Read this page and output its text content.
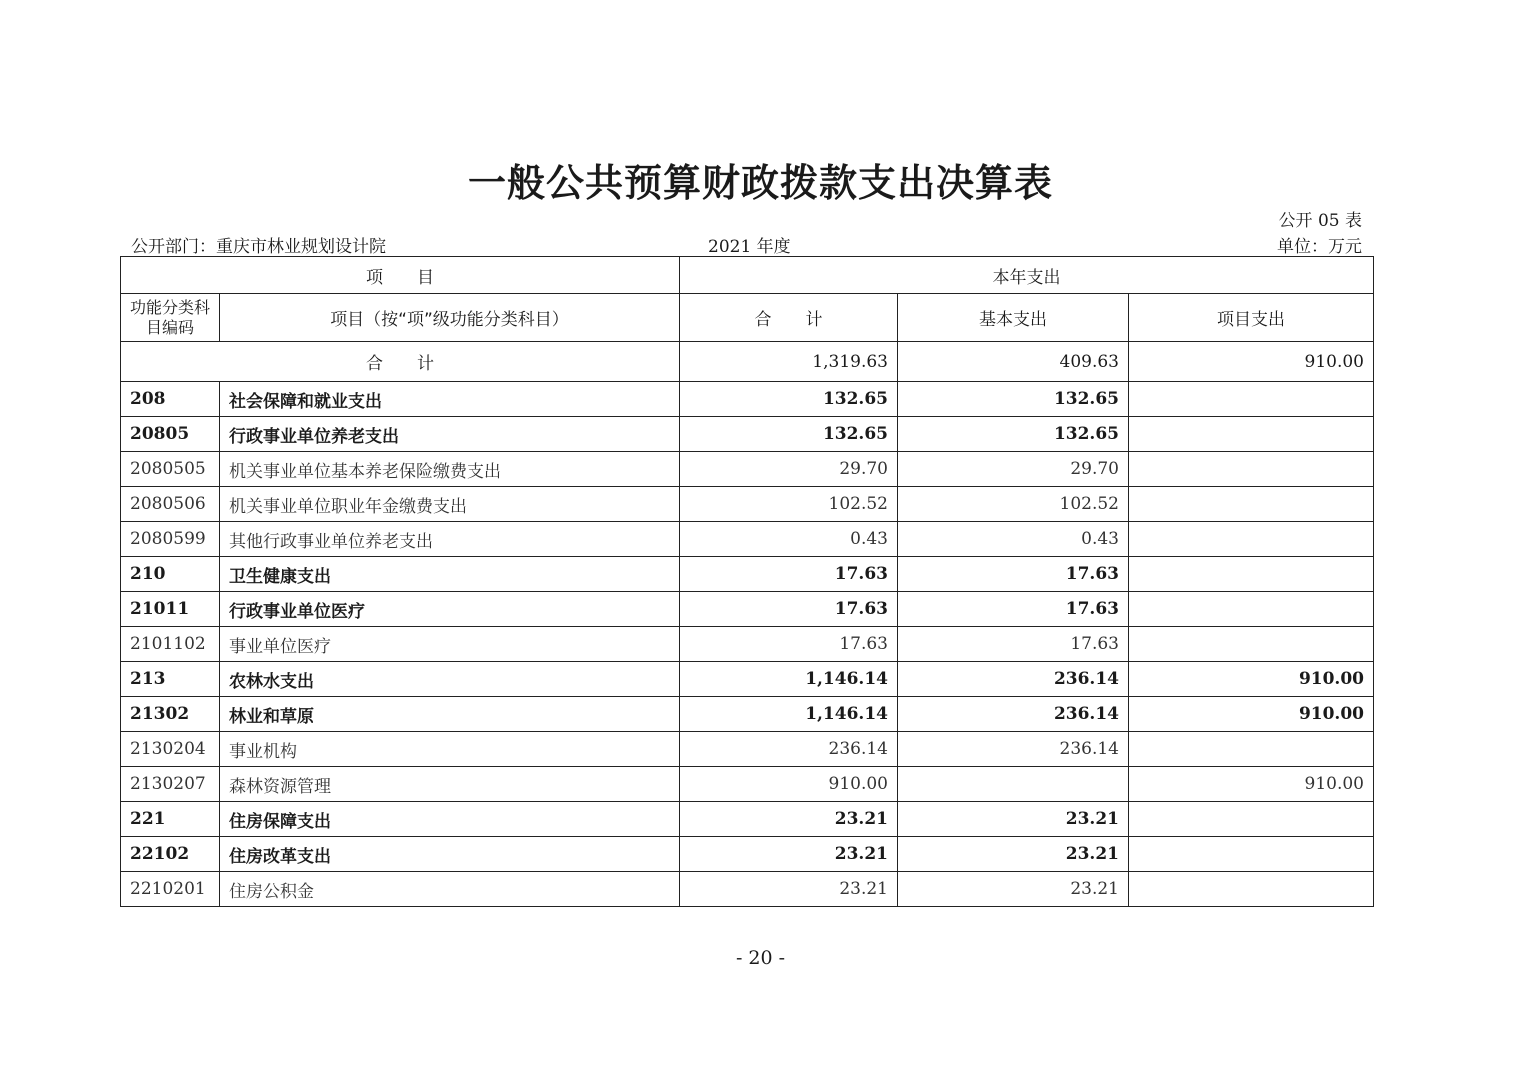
一般公共预算财政拨款支出决算表
公开 05 表
公开部门：重庆市林业规划设计院	2021 年度	单位：万元
项　　目		本年支出		
功能分类科目编码	项目（按“项”级功能分类科目）	合　　计	基本支出	项目支出
合　　计		1,319.63	409.63	910.00
208	社会保障和就业支出	132.65	132.65	
20805	行政事业单位养老支出	132.65	132.65	
2080505	机关事业单位基本养老保险缴费支出	29.70	29.70	
2080506	机关事业单位职业年金缴费支出	102.52	102.52	
2080599	其他行政事业单位养老支出	0.43	0.43	
210	卫生健康支出	17.63	17.63	
21011	行政事业单位医疗	17.63	17.63	
2101102	事业单位医疗	17.63	17.63	
213	农林水支出	1,146.14	236.14	910.00
21302	林业和草原	1,146.14	236.14	910.00
2130204	事业机构	236.14	236.14	
2130207	森林资源管理	910.00		910.00
221	住房保障支出	23.21	23.21	
22102	住房改革支出	23.21	23.21	
2210201	住房公积金	23.21	23.21	
- 20 -
